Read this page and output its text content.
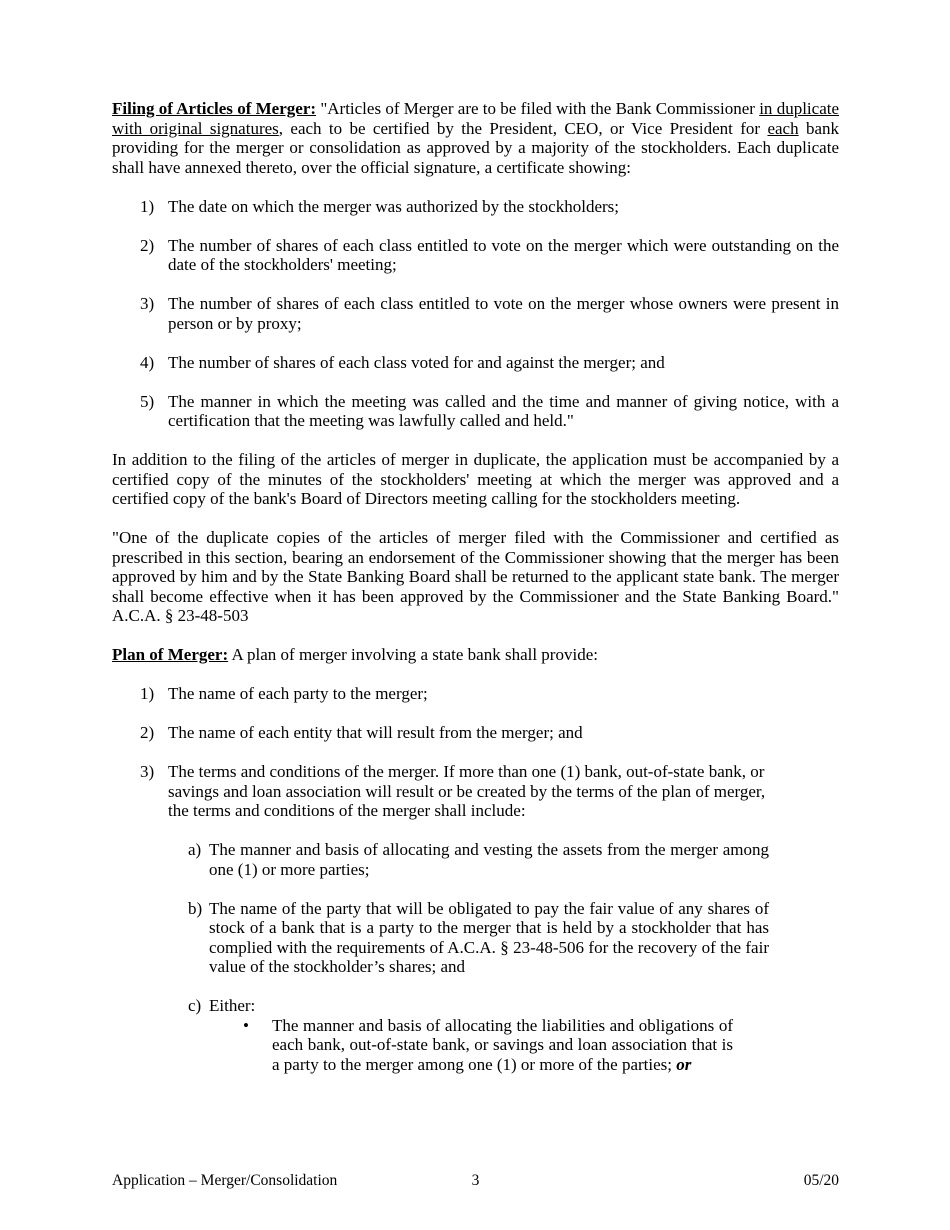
Filing of Articles of Merger: "Articles of Merger are to be filed with the Bank Commissioner in duplicate with original signatures, each to be certified by the President, CEO, or Vice President for each bank providing for the merger or consolidation as approved by a majority of the stockholders. Each duplicate shall have annexed thereto, over the official signature, a certificate showing:

1) The date on which the merger was authorized by the stockholders;
2) The number of shares of each class entitled to vote on the merger which were outstanding on the date of the stockholders' meeting;
3) The number of shares of each class entitled to vote on the merger whose owners were present in person or by proxy;
4) The number of shares of each class voted for and against the merger; and
5) The manner in which the meeting was called and the time and manner of giving notice, with a certification that the meeting was lawfully called and held."

In addition to the filing of the articles of merger in duplicate, the application must be accompanied by a certified copy of the minutes of the stockholders' meeting at which the merger was approved and a certified copy of the bank's Board of Directors meeting calling for the stockholders meeting.

"One of the duplicate copies of the articles of merger filed with the Commissioner and certified as prescribed in this section, bearing an endorsement of the Commissioner showing that the merger has been approved by him and by the State Banking Board shall be returned to the applicant state bank. The merger shall become effective when it has been approved by the Commissioner and the State Banking Board." A.C.A. § 23-48-503

Plan of Merger: A plan of merger involving a state bank shall provide:

1) The name of each party to the merger;
2) The name of each entity that will result from the merger; and
3) The terms and conditions of the merger. If more than one (1) bank, out-of-state bank, or savings and loan association will result or be created by the terms of the plan of merger, the terms and conditions of the merger shall include:
a) The manner and basis of allocating and vesting the assets from the merger among one (1) or more parties;
b) The name of the party that will be obligated to pay the fair value of any shares of stock of a bank that is a party to the merger that is held by a stockholder that has complied with the requirements of A.C.A. § 23-48-506 for the recovery of the fair value of the stockholder’s shares; and
c) Either:
• The manner and basis of allocating the liabilities and obligations of each bank, out-of-state bank, or savings and loan association that is a party to the merger among one (1) or more of the parties; or
Application – Merger/Consolidation	3	05/20
